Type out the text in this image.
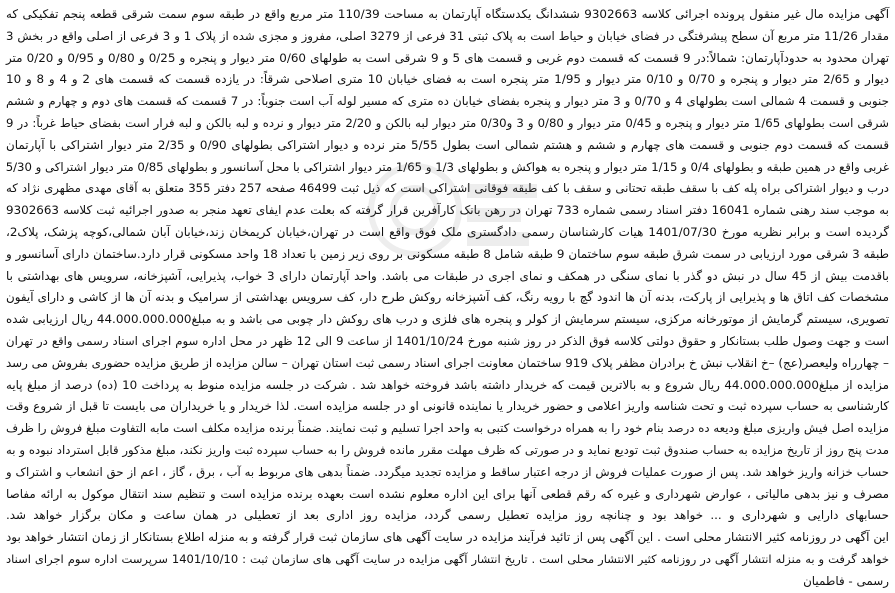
آگهی مزایده مال غیر منقول پرونده اجرائی کلاسه 9302663 ششدانگ یکدستگاه آپارتمان به مساحت 110/39 متر مربع واقع در طبقه سوم سمت شرقی قطعه پنجم تفکیکی که
مقدار 11/26 متر مربع آن سطح پیشرفتگی در فضای خیابان و حیاط است به پلاک ثبتی 31 فرعی از 3279 اصلی، مفروز و مجزی شده از پلاک 1 و 3 فرعی از اصلی واقع در بخش 3
تهران محدود به حدودآپارتمان: شمالاً:در 9 قسمت که قسمت دوم غربی و قسمت های 5 و 9 شرقی است به طولهای 0/60 متر دیوار و پنجره و 0/25 و 0/80 و 0/95 و 0/20 متر
دیوار و 2/65 متر دیوار و پنجره و 0/70 و 0/10 متر دیوار و 1/95 متر پنجره است به فضای خیابان 10 متری اصلاحی شرقاً: در یازده قسمت که قسمت های 2 و 4 و 8 و 10
جنوبی و قسمت 4 شمالی است بطولهای 4 و 0/70 و 3 متر دیوار و پنجره بفضای خیابان ده متری که مسیر لوله آب است جنوباً: در 7 قسمت که قسمت های دوم و چهارم و ششم
شرقی است بطولهای 1/65 متر دیوار و پنجره و 0/45 متر دیوار و 0/80 و 3 و0/30 متر دیوار لبه بالکن و 2/20 متر دیوار و نرده و لبه بالکن و لبه فرار است بفضای حیاط غرباً: در 9
قسمت که قسمت دوم جنوبی و قسمت های چهارم و ششم و هشتم شمالی است بطول 5/55 متر نرده و دیوار اشتراکی بطولهای 0/90 و 2/35 متر دیوار اشتراکی با آپارتمان
غربی واقع در همین طبقه و بطولهای 0/4 و 1/15 متر دیوار و پنجره به هواکش و بطولهای 1/3 و 1/65 متر دیوار اشتراکی با محل آسانسور و بطولهای 0/85 متر دیوار اشتراکی و 5/30
درب و دیوار اشتراکی براه پله کف با سقف طبقه تحتانی و سقف با کف طبقه فوقانی اشتراکی است که ذیل ثبت 46499 صفحه 257 دفتر 355 متعلق به آقای مهدی مظهری نژاد که
به موجب سند رهنی شماره 16041 دفتر اسناد رسمی شماره 733 تهران در رهن بانک کارآفرین قرار گرفته که بعلت عدم ایفای تعهد منجر به صدور اجرائیه ثبت کلاسه 9302663
گردیده است و برابر نظریه مورخ 1401/07/30 هیات کارشناسان رسمی دادگستری ملک فوق واقع است در تهران،خیابان کریمخان زند،خیابان آبان شمالی،کوچه پزشک، پلاک2،
طبقه 3 شرقی مورد ارزیابی در سمت شرق طبقه سوم ساختمان 9 طبقه شامل 8 طبقه مسکونی بر روی زیر زمین با تعداد 18 واحد مسکونی قرار دارد.ساختمان دارای آسانسور و
باقدمت بیش از 45 سال در نبش دو گذر با نمای سنگی در همکف و نمای اجری در طبقات می باشد. واحد آپارتمان دارای 3 خواب، پذیرایی، آشپزخانه، سرویس های بهداشتی با
مشخصات کف اتاق ها و پذیرایی از پارکت، بدنه آن ها اندود گچ با رویه رنگ، کف آشپزخانه روکش طرح دار، کف سرویس بهداشتی از سرامیک و بدنه آن ها از کاشی و دارای آیفون
تصویری، سیستم گرمایش از موتورخانه مرکزی، سیستم سرمایش از کولر و پنجره های فلزی و درب های روکش دار چوبی می باشد و به مبلغ44.000.000.000 ریال ارزیابی شده
است و جهت وصول طلب بستانکار و حقوق دولتی کلاسه فوق الذکر در روز شنبه مورخ 1401/10/24 از ساعت 9 الی 12 ظهر در محل اداره سوم اجرای اسناد رسمی واقع در تهران
– چهارراه ولیعصر(عج) –خ انقلاب نبش خ برادران مظفر پلاک 919 ساختمان معاونت اجرای اسناد رسمی ثبت استان تهران – سالن مزایده از طریق مزایده حضوری بفروش می رسد
مزایده از مبلغ44.000.000.000 ریال شروع و به بالاترین قیمت که خریدار داشته باشد فروخته خواهد شد . شرکت در جلسه مزایده منوط به پرداخت 10 (ده) درصد از مبلغ پایه
کارشناسی به حساب سپرده ثبت و تحت شناسه واریز اعلامی و حضور خریدار یا نماینده قانونی او در جلسه مزایده است. لذا خریدار و یا خریداران می بایست تا قبل از شروع وقت
مزایده اصل فیش واریزی مبلغ ودیعه ده درصد بنام خود را به همراه درخواست کتبی به واحد اجرا تسلیم و ثبت نمایند. ضمناً برنده مزایده مکلف است مابه التفاوت مبلغ فروش را ظرف
مدت پنج روز از تاریخ مزایده به حساب صندوق ثبت تودیع نماید و در صورتی که ظرف مهلت مقرر مانده فروش را به حساب سپرده ثبت واریز نکند، مبلغ مذکور قابل استرداد نبوده و به
حساب خزانه واریز خواهد شد. پس از صورت عملیات فروش از درجه اعتبار ساقط و مزایده تجدید میگردد. ضمناً بدهی های مربوط به آب ، برق ، گاز ، اعم از حق انشعاب و اشتراک و
مصرف و نیز بدهی مالیاتی ، عوارض شهرداری و غیره که رقم قطعی آنها برای این اداره معلوم نشده است بعهده برنده مزایده است و تنظیم سند انتقال موکول به ارائه مفاصا
حسابهای دارایی و شهرداری و ... خواهد بود و چنانچه روز مزایده تعطیل رسمی گردد، مزایده روز اداری بعد از تعطیلی در همان ساعت و مکان برگزار خواهد شد.
این آگهی در روزنامه کثیر الانتشار محلی است . این آگهی پس از تائید فرآیند مزایده در سایت آگهی های سازمان ثبت قرار گرفته و به منزله اطلاع بستانکار از زمان انتشار خواهد بود
خواهد گرفت و به منزله انتشار آگهی در روزنامه کثیر الانتشار محلی است . تاریخ انتشار آگهی مزایده در سایت آگهی های سازمان ثبت : 1401/10/10 سرپرست اداره سوم اجرای اسناد
رسمی - فاطمیان
